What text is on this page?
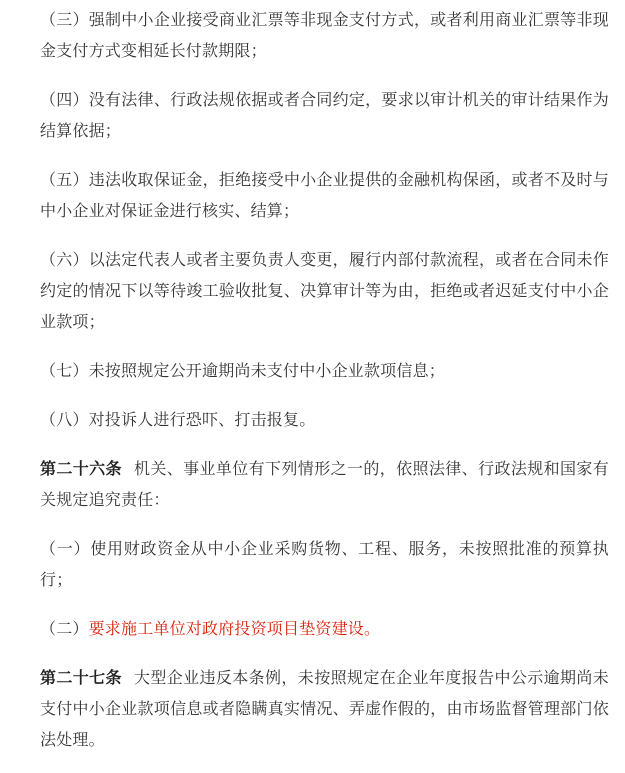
（三）强制中小企业接受商业汇票等非现金支付方式，或者利用商业汇票等非现金支付方式变相延长付款期限；

（四）没有法律、行政法规依据或者合同约定，要求以审计机关的审计结果作为结算依据；

（五）违法收取保证金，拒绝接受中小企业提供的金融机构保函，或者不及时与中小企业对保证金进行核实、结算；

（六）以法定代表人或者主要负责人变更，履行内部付款流程，或者在合同未作约定的情况下以等待竣工验收批复、决算审计等为由，拒绝或者迟延支付中小企业款项；

（七）未按照规定公开逾期尚未支付中小企业款项信息；

（八）对投诉人进行恐吓、打击报复。

第二十六条 机关、事业单位有下列情形之一的，依照法律、行政法规和国家有关规定追究责任：

（一）使用财政资金从中小企业采购货物、工程、服务，未按照批准的预算执行；

（二）要求施工单位对政府投资项目垫资建设。

第二十七条 大型企业违反本条例，未按照规定在企业年度报告中公示逾期尚未支付中小企业款项信息或者隐瞒真实情况、弄虚作假的，由市场监督管理部门依法处理。
